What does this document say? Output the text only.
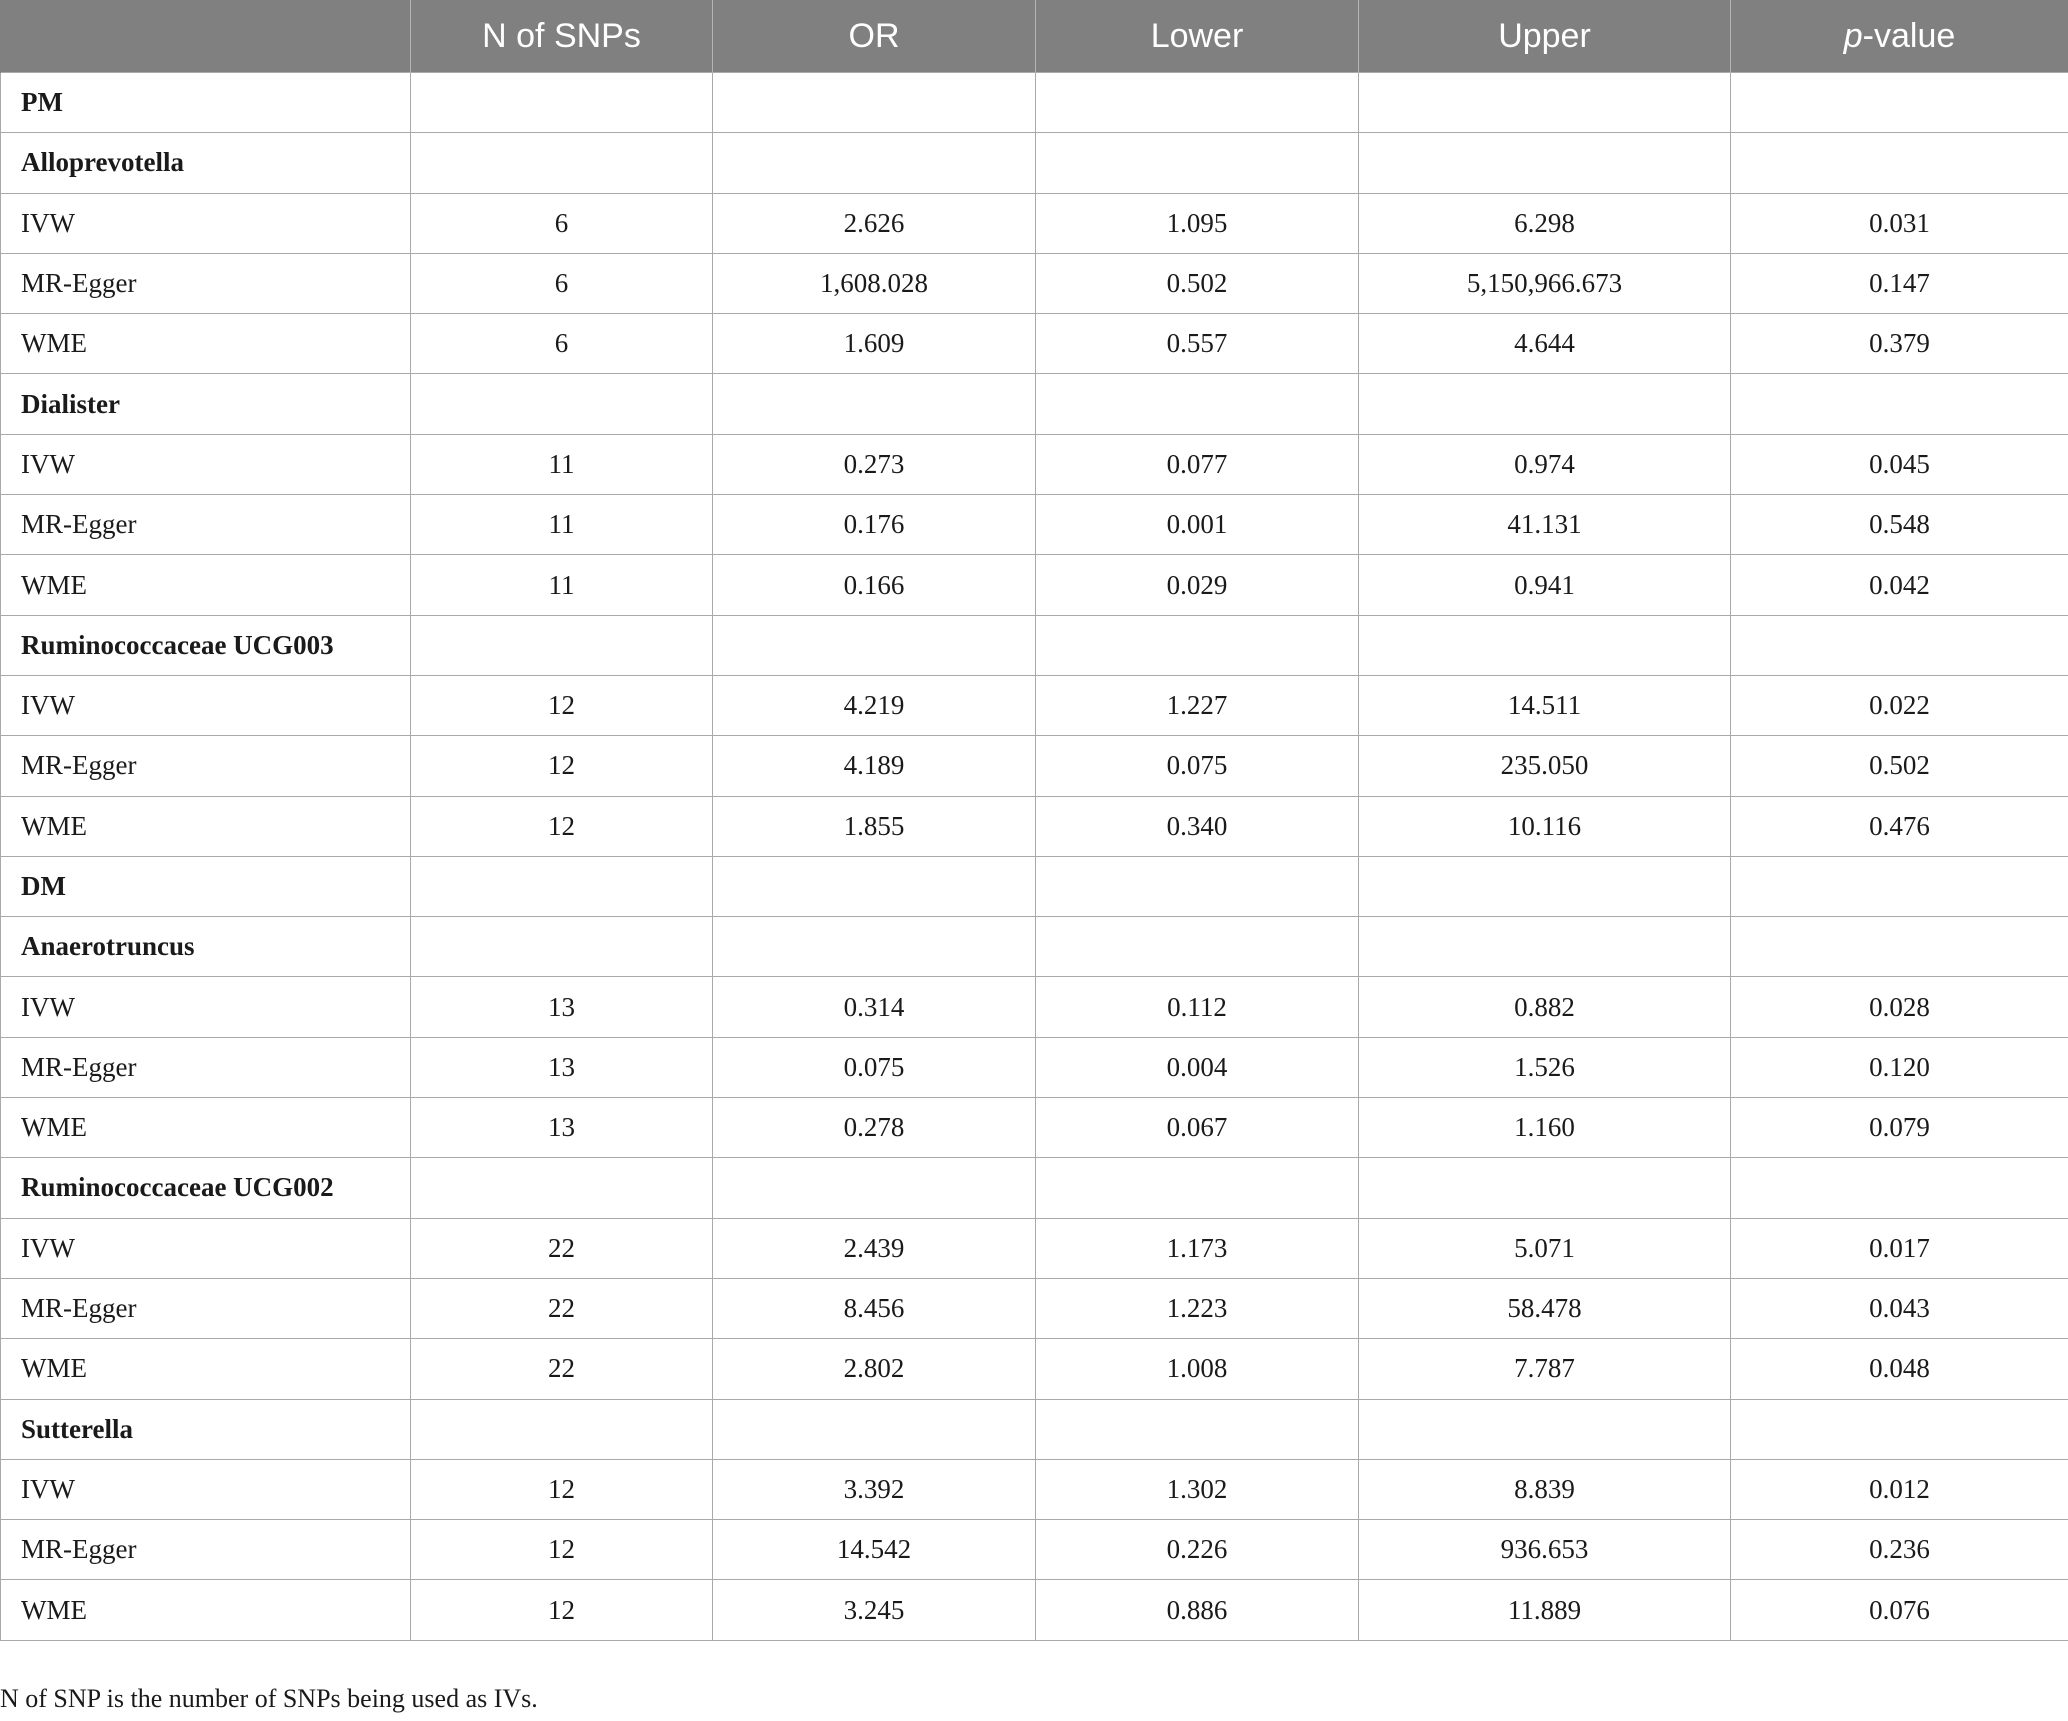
	N of SNPs	OR	Lower	Upper	p-value
PM					
Alloprevotella					
IVW	6	2.626	1.095	6.298	0.031
MR-Egger	6	1,608.028	0.502	5,150,966.673	0.147
WME	6	1.609	0.557	4.644	0.379
Dialister					
IVW	11	0.273	0.077	0.974	0.045
MR-Egger	11	0.176	0.001	41.131	0.548
WME	11	0.166	0.029	0.941	0.042
Ruminococcaceae UCG003					
IVW	12	4.219	1.227	14.511	0.022
MR-Egger	12	4.189	0.075	235.050	0.502
WME	12	1.855	0.340	10.116	0.476
DM					
Anaerotruncus					
IVW	13	0.314	0.112	0.882	0.028
MR-Egger	13	0.075	0.004	1.526	0.120
WME	13	0.278	0.067	1.160	0.079
Ruminococcaceae UCG002					
IVW	22	2.439	1.173	5.071	0.017
MR-Egger	22	8.456	1.223	58.478	0.043
WME	22	2.802	1.008	7.787	0.048
Sutterella					
IVW	12	3.392	1.302	8.839	0.012
MR-Egger	12	14.542	0.226	936.653	0.236
WME	12	3.245	0.886	11.889	0.076
N of SNP is the number of SNPs being used as IVs.
